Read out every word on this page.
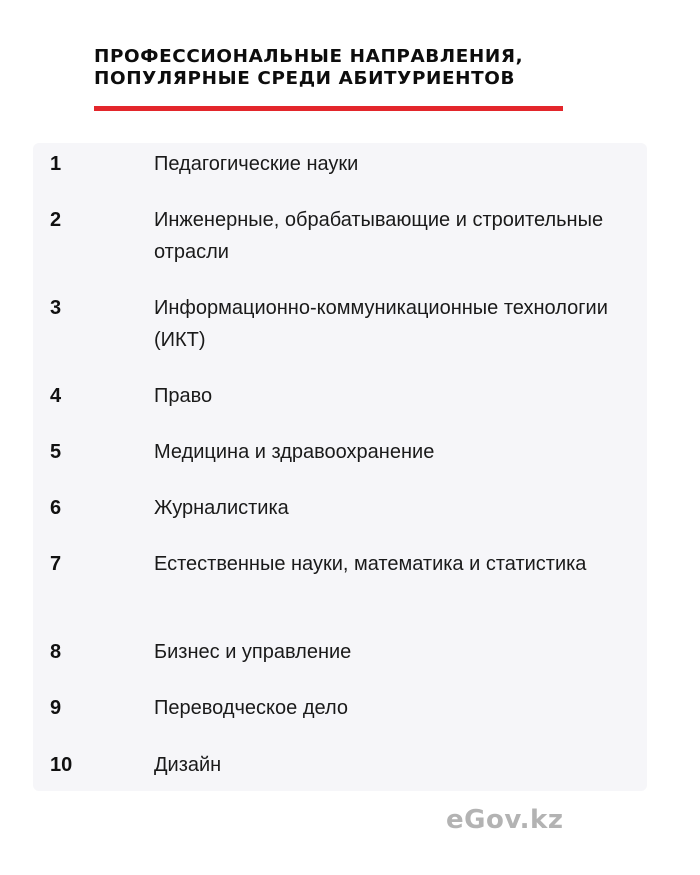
ПРОФЕССИОНАЛЬНЫЕ НАПРАВЛЕНИЯ,
ПОПУЛЯРНЫЕ СРЕДИ АБИТУРИЕНТОВ
1	Педагогические науки
2	Инженерные, обрабатывающие и строительные отрасли
3	Информационно-коммуникационные технологии (ИКТ)
4	Право
5	Медицина и здравоохранение
6	Журналистика
7	Естественные науки, математика и статистика
8	Бизнес и управление
9	Переводческое дело
10	Дизайн
eGov.kz
